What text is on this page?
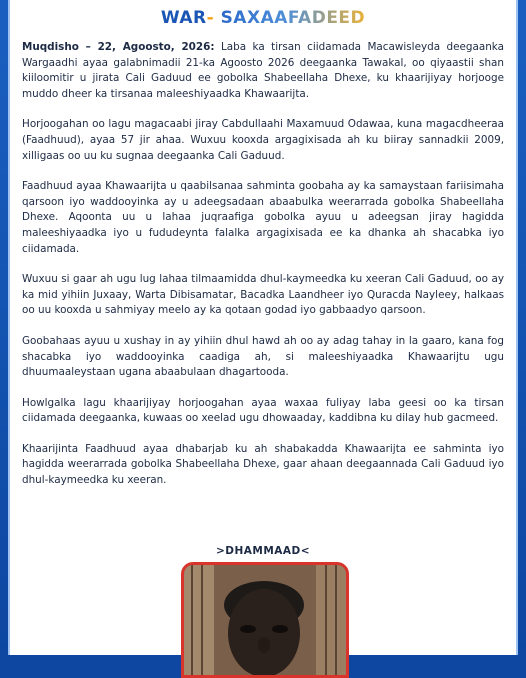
WAR- SAXAAFADEED

Muqdisho – 22, Agoosto, 2026: Laba ka tirsan ciidamada Macawisleyda deegaanka Wargaadhi ayaa galabnimadii 21-ka Agoosto 2026 deegaanka Tawakal, oo qiyaastii shan kiiloomitir u jirata Cali Gaduud ee gobolka Shabeellaha Dhexe, ku khaarijiyay horjooge muddo dheer ka tirsanaa maleeshiyaadka Khawaarijta.

Horjoogahan oo lagu magacaabi jiray Cabdullaahi Maxamuud Odawaa, kuna magacdheeraa (Faadhuud), ayaa 57 jir ahaa. Wuxuu kooxda argagixisada ah ku biiray sannadkii 2009, xilligaas oo uu ku sugnaa deegaanka Cali Gaduud.

Faadhuud ayaa Khawaarijta u qaabilsanaa sahminta goobaha ay ka samaystaan fariisimaha qarsoon iyo waddooyinka ay u adeegsadaan abaabulka weerarrada gobolka Shabeellaha Dhexe. Aqoonta uu u lahaa juqraafiga gobolka ayuu u adeegsan jiray hagidda maleeshiyaadka iyo u fududeynta falalka argagixisada ee ka dhanka ah shacabka iyo ciidamada.

Wuxuu si gaar ah ugu lug lahaa tilmaamidda dhul-kaymeedka ku xeeran Cali Gaduud, oo ay ka mid yihiin Juxaay, Warta Dibisamatar, Bacadka Laandheer iyo Quracda Nayleey, halkaas oo uu kooxda u sahmiyay meelo ay ka qotaan godad iyo gabbaadyo qarsoon.

Goobahaas ayuu u xushay in ay yihiin dhul hawd ah oo ay adag tahay in la gaaro, kana fog shacabka iyo waddooyinka caadiga ah, si maleeshiyaadka Khawaarijtu ugu dhuumaaleystaan ugana abaabulaan dhagartooda.

Howlgalka lagu khaarijiyay horjoogahan ayaa waxaa fuliyay laba geesi oo ka tirsan ciidamada deegaanka, kuwaas oo xeelad ugu dhowaaday, kaddibna ku dilay hub gacmeed.

Khaarijinta Faadhuud ayaa dhabarjab ku ah shabakadda Khawaarijta ee sahminta iyo hagidda weerarrada gobolka Shabeellaha Dhexe, gaar ahaan deegaannada Cali Gaduud iyo dhul-kaymeedka ku xeeran.

>DHAMMAAD<
